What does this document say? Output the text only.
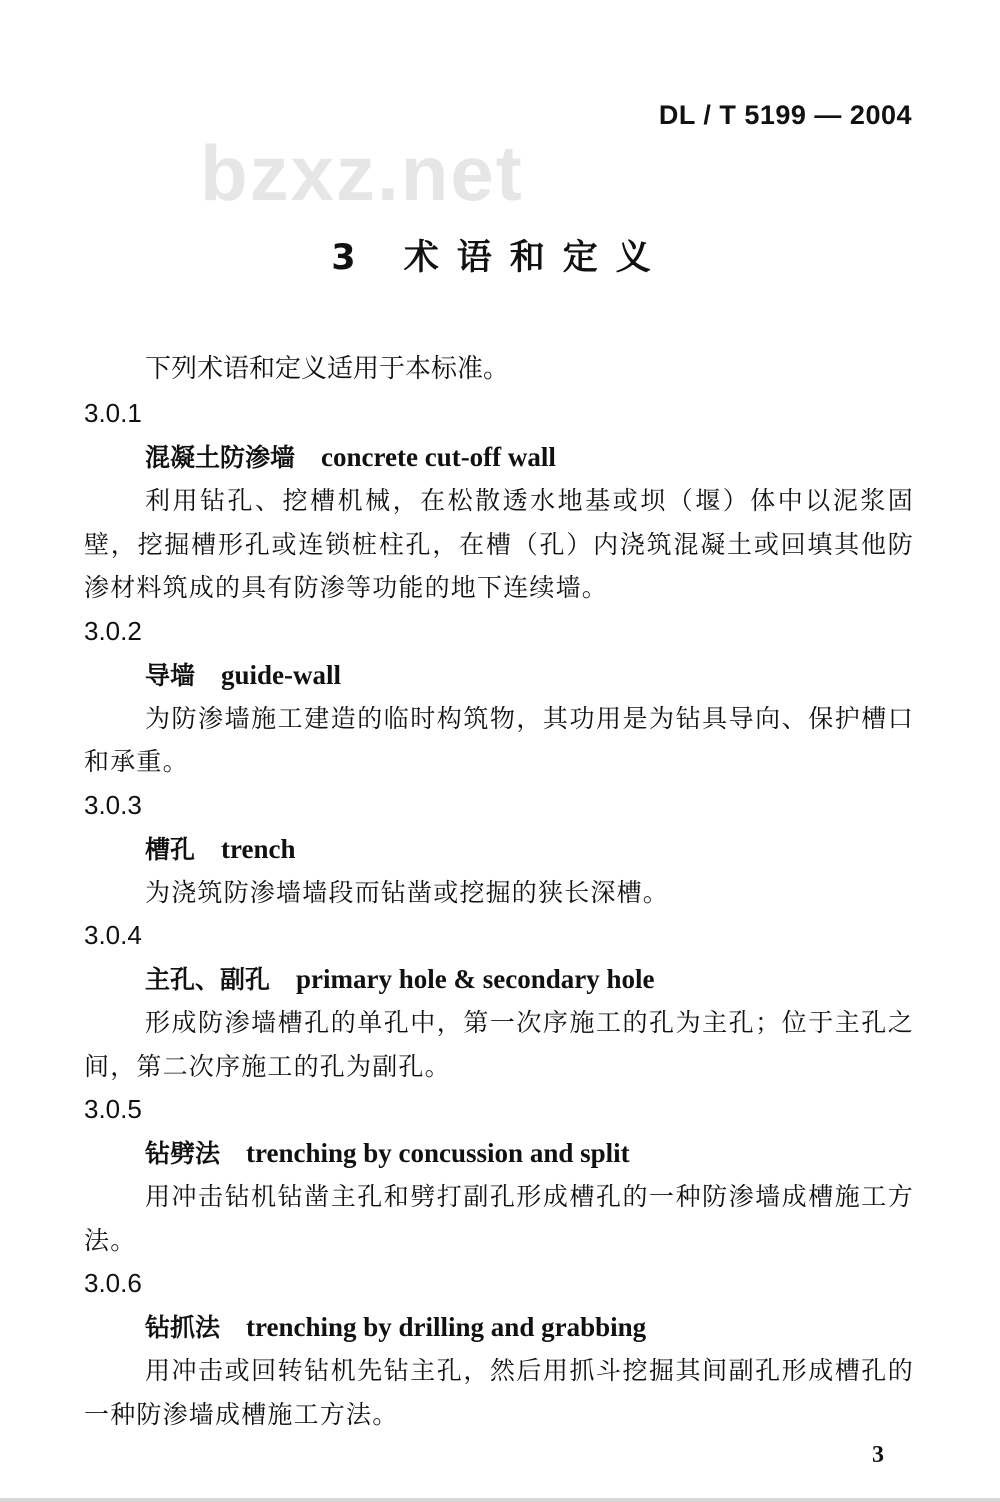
bzxz.net
DL / T 5199 — 2004
3 术语和定义
下列术语和定义适用于本标准。
3.0.1
混凝土防渗墙 concrete cut-off wall
利用钻孔、挖槽机械，在松散透水地基或坝（堰）体中以泥浆固壁，挖掘槽形孔或连锁桩柱孔，在槽（孔）内浇筑混凝土或回填其他防渗材料筑成的具有防渗等功能的地下连续墙。
3.0.2
导墙 guide-wall
为防渗墙施工建造的临时构筑物，其功用是为钻具导向、保护槽口和承重。
3.0.3
槽孔 trench
为浇筑防渗墙墙段而钻凿或挖掘的狭长深槽。
3.0.4
主孔、副孔 primary hole & secondary hole
形成防渗墙槽孔的单孔中，第一次序施工的孔为主孔；位于主孔之间，第二次序施工的孔为副孔。
3.0.5
钻劈法 trenching by concussion and split
用冲击钻机钻凿主孔和劈打副孔形成槽孔的一种防渗墙成槽施工方法。
3.0.6
钻抓法 trenching by drilling and grabbing
用冲击或回转钻机先钻主孔，然后用抓斗挖掘其间副孔形成槽孔的一种防渗墙成槽施工方法。
3
